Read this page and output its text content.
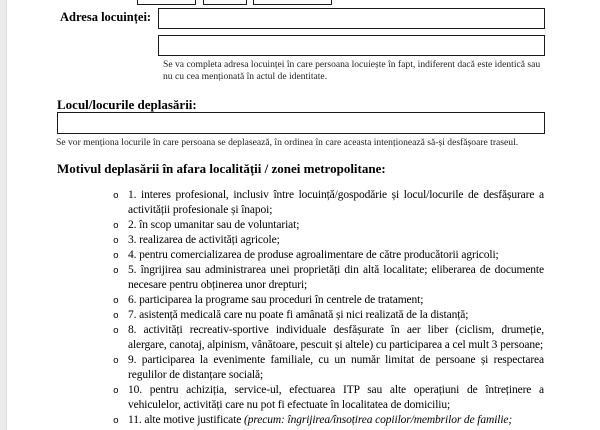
Adresa locuinței:
Se va completa adresa locuinței în care persoana locuiește în fapt, indiferent dacă este identică sau nu cu cea menționată în actul de identitate.
Locul/locurile deplasării:
Se vor menționa locurile în care persoana se deplasează, în ordinea în care aceasta intenționează să-și desfășoare traseul.
Motivul deplasării în afara localității / zonei metropolitane:
o 1. interes profesional, inclusiv între locuință/gospodărie și locul/locurile de desfășurare a activității profesionale și înapoi;
o 2. în scop umanitar sau de voluntariat;
o 3. realizarea de activități agricole;
o 4. pentru comercializarea de produse agroalimentare de către producătorii agricoli;
o 5. îngrijirea sau administrarea unei proprietăți din altă localitate; eliberarea de documente necesare pentru obținerea unor drepturi;
o 6. participarea la programe sau proceduri în centrele de tratament;
o 7. asistență medicală care nu poate fi amânată și nici realizată de la distanță;
o 8. activități recreativ-sportive individuale desfășurate în aer liber (ciclism, drumeție, alergare, canotaj, alpinism, vânătoare, pescuit și altele) cu participarea a cel mult 3 persoane;
o 9. participarea la evenimente familiale, cu un număr limitat de persoane și respectarea regulilor de distanțare socială;
o 10. pentru achiziția, service-ul, efectuarea ITP sau alte operațiuni de întreținere a vehiculelor, activități care nu pot fi efectuate în localitatea de domiciliu;
o 11. alte motive justificate (precum: îngrijirea/însoțirea copiilor/membrilor de familie;
